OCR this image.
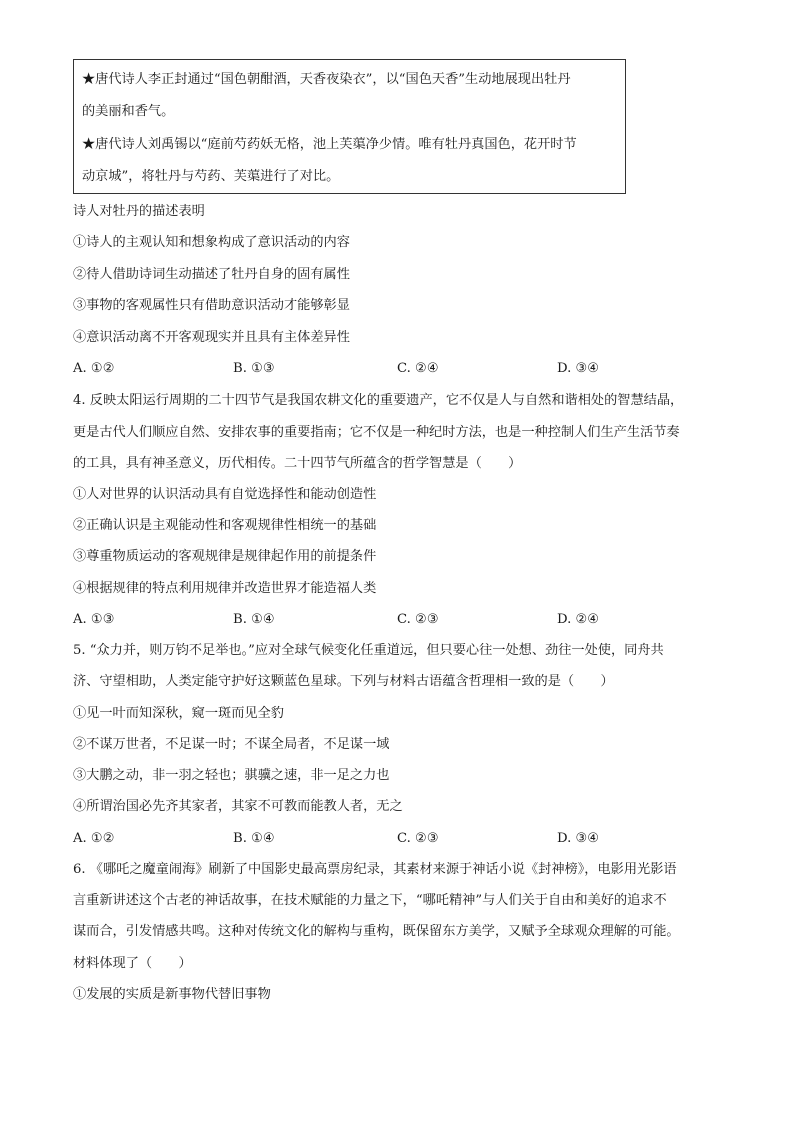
★唐代诗人李正封通过“国色朝酣酒，天香夜染衣”，以“国色天香”生动地展现出牡丹
的美丽和香气。
★唐代诗人刘禹锡以“庭前芍药妖无格，池上芙蕖净少情。唯有牡丹真国色，花开时节
动京城”，将牡丹与芍药、芙蕖进行了对比。
诗人对牡丹的描述表明
①诗人的主观认知和想象构成了意识活动的内容
②待人借助诗词生动描述了牡丹自身的固有属性
③事物的客观属性只有借助意识活动才能够彰显
④意识活动离不开客观现实并且具有主体差异性
A. ①②	B. ①③	C. ②④	D. ③④
4. 反映太阳运行周期的二十四节气是我国农耕文化的重要遗产，它不仅是人与自然和谐相处的智慧结晶，
更是古代人们顺应自然、安排农事的重要指南；它不仅是一种纪时方法，也是一种控制人们生产生活节奏
的工具，具有神圣意义，历代相传。二十四节气所蕴含的哲学智慧是（　　）
①人对世界的认识活动具有自觉选择性和能动创造性
②正确认识是主观能动性和客观规律性相统一的基础
③尊重物质运动的客观规律是规律起作用的前提条件
④根据规律的特点利用规律并改造世界才能造福人类
A. ①③	B. ①④	C. ②③	D. ②④
5. “众力并，则万钧不足举也。”应对全球气候变化任重道远，但只要心往一处想、劲往一处使，同舟共
济、守望相助，人类定能守护好这颗蓝色星球。下列与材料古语蕴含哲理相一致的是（　　）
①见一叶而知深秋，窥一斑而见全豹
②不谋万世者，不足谋一时；不谋全局者，不足谋一域
③大鹏之动，非一羽之轻也；骐骥之速，非一足之力也
④所谓治国必先齐其家者，其家不可教而能教人者，无之
A. ①②	B. ①④	C. ②③	D. ③④
6. 《哪吒之魔童闹海》刷新了中国影史最高票房纪录，其素材来源于神话小说《封神榜》，电影用光影语
言重新讲述这个古老的神话故事，在技术赋能的力量之下，“哪吒精神”与人们关于自由和美好的追求不
谋而合，引发情感共鸣。这种对传统文化的解构与重构，既保留东方美学，又赋予全球观众理解的可能。
材料体现了（　　）
①发展的实质是新事物代替旧事物
